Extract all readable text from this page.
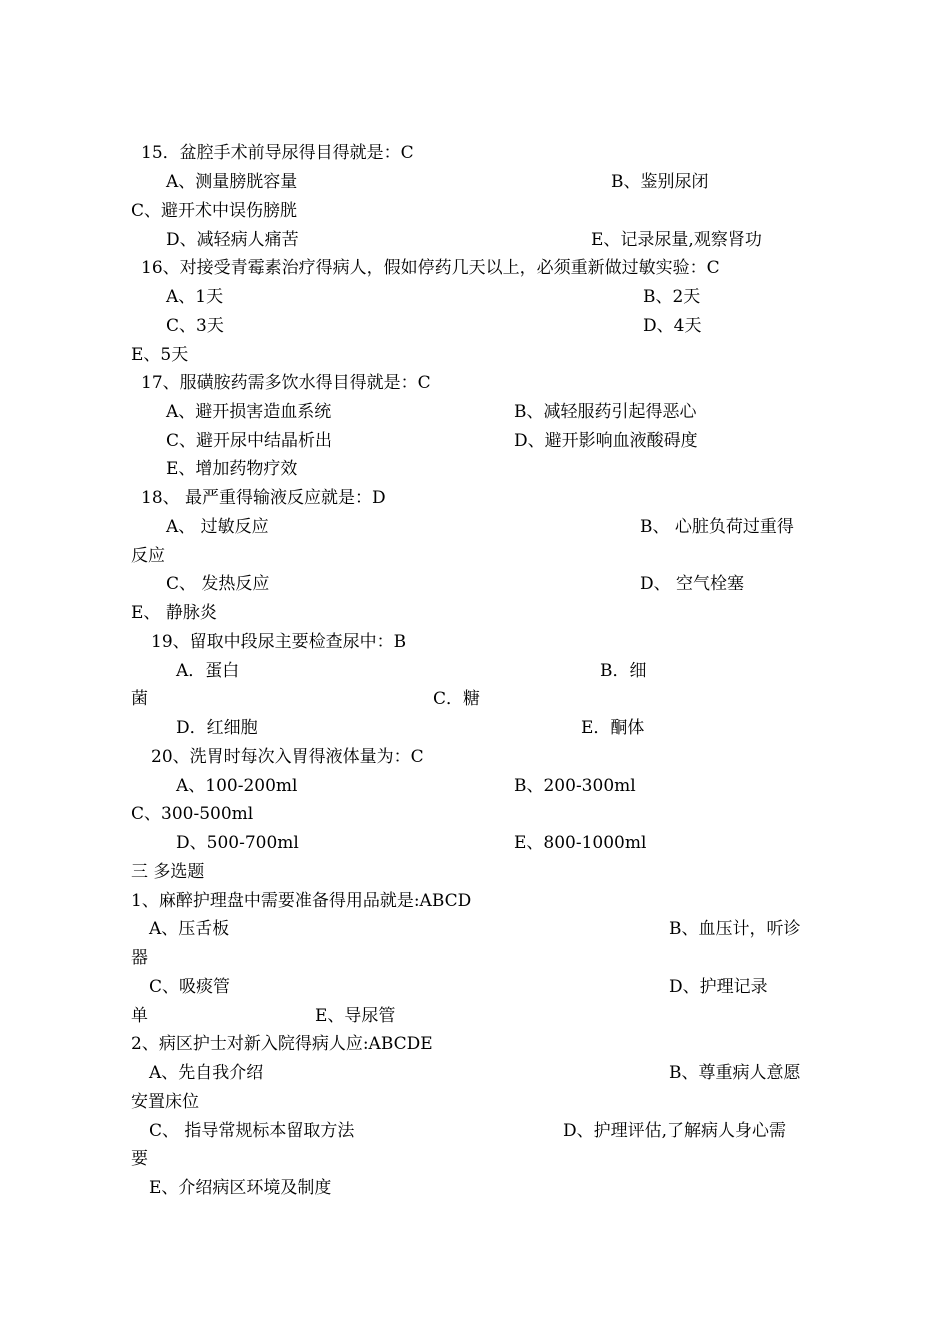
15．盆腔手术前导尿得目得就是：C
A、测量膀胱容量	B、鉴别尿闭
C、避开术中误伤膀胱
D、减轻病人痛苦	E、记录尿量,观察肾功
16、对接受青霉素治疗得病人，假如停药几天以上，必须重新做过敏实验：C
A、1天	B、2天
C、3天	D、4天
E、5天
17、服磺胺药需多饮水得目得就是：C
A、避开损害造血系统	B、减轻服药引起得恶心
C、避开尿中结晶析出	D、避开影响血液酸碍度
E、增加药物疗效
18、 最严重得输液反应就是：D
A、 过敏反应	B、 心脏负荷过重得
反应
C、 发热反应	D、 空气栓塞
E、 静脉炎
19、留取中段尿主要检查尿中：B
A．蛋白	B．细
菌	C．糖
D．红细胞	E．酮体
20、洗胃时每次入胃得液体量为：C
A、100-200ml	B、200-300ml
C、300-500ml
D、500-700ml	E、800-1000ml
三 多选题
1、麻醉护理盘中需要准备得用品就是:ABCD
A、压舌板	B、血压计，听诊
器
C、吸痰管	D、护理记录
单	E、导尿管
2、病区护士对新入院得病人应:ABCDE
A、先自我介绍	B、尊重病人意愿
安置床位
C、 指导常规标本留取方法	D、护理评估,了解病人身心需
要
E、介绍病区环境及制度
